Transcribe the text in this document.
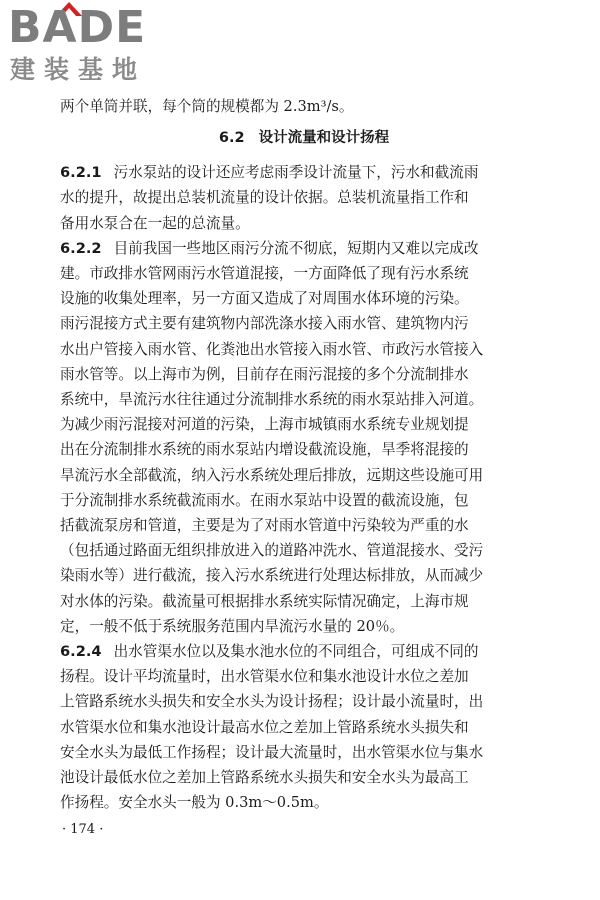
BADE
建装基地
两个单筒并联，每个筒的规模都为 2.3m³/s。
6.2 设计流量和设计扬程
6.2.1 污水泵站的设计还应考虑雨季设计流量下，污水和截流雨
水的提升，故提出总装机流量的设计依据。总装机流量指工作和
备用水泵合在一起的总流量。
6.2.2 目前我国一些地区雨污分流不彻底，短期内又难以完成改
建。市政排水管网雨污水管道混接，一方面降低了现有污水系统
设施的收集处理率，另一方面又造成了对周围水体环境的污染。
雨污混接方式主要有建筑物内部洗涤水接入雨水管、建筑物内污
水出户管接入雨水管、化粪池出水管接入雨水管、市政污水管接入
雨水管等。以上海市为例，目前存在雨污混接的多个分流制排水
系统中，旱流污水往往通过分流制排水系统的雨水泵站排入河道。
为减少雨污混接对河道的污染，上海市城镇雨水系统专业规划提
出在分流制排水系统的雨水泵站内增设截流设施，旱季将混接的
旱流污水全部截流，纳入污水系统处理后排放，远期这些设施可用
于分流制排水系统截流雨水。在雨水泵站中设置的截流设施，包
括截流泵房和管道，主要是为了对雨水管道中污染较为严重的水
（包括通过路面无组织排放进入的道路冲洗水、管道混接水、受污
染雨水等）进行截流，接入污水系统进行处理达标排放，从而减少
对水体的污染。截流量可根据排水系统实际情况确定，上海市规
定，一般不低于系统服务范围内旱流污水量的 20％。
6.2.4 出水管渠水位以及集水池水位的不同组合，可组成不同的
扬程。设计平均流量时，出水管渠水位和集水池设计水位之差加
上管路系统水头损失和安全水头为设计扬程；设计最小流量时，出
水管渠水位和集水池设计最高水位之差加上管路系统水头损失和
安全水头为最低工作扬程；设计最大流量时，出水管渠水位与集水
池设计最低水位之差加上管路系统水头损失和安全水头为最高工
作扬程。安全水头一般为 0.3m～0.5m。
· 174 ·
